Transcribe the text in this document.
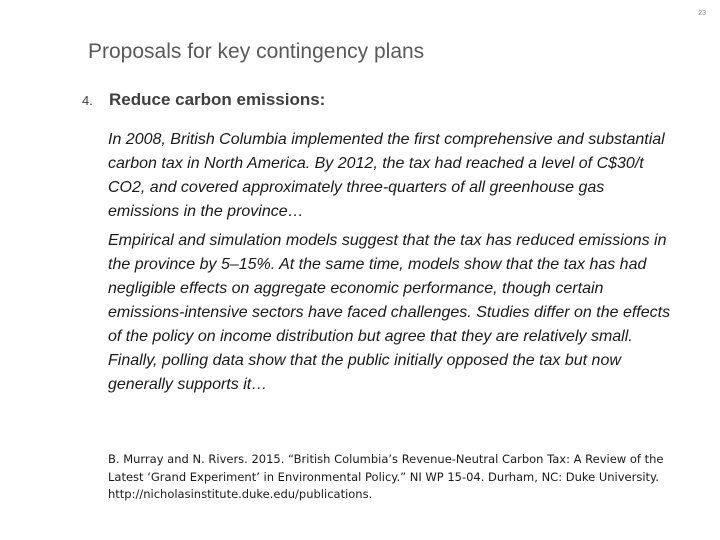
23
Proposals for key contingency plans
4. Reduce carbon emissions:
In 2008, British Columbia implemented the first comprehensive and substantial carbon tax in North America. By 2012, the tax had reached a level of C$30/t CO2, and covered approximately three-quarters of all greenhouse gas emissions in the province…
Empirical and simulation models suggest that the tax has reduced emissions in the province by 5–15%. At the same time, models show that the tax has had negligible effects on aggregate economic performance, though certain emissions-intensive sectors have faced challenges. Studies differ on the effects of the policy on income distribution but agree that they are relatively small. Finally, polling data show that the public initially opposed the tax but now generally supports it…
B. Murray and N. Rivers. 2015. “British Columbia’s Revenue-Neutral Carbon Tax: A Review of the Latest ‘Grand Experiment’ in Environmental Policy.” NI WP 15-04. Durham, NC: Duke University. http://nicholasinstitute.duke.edu/publications.
